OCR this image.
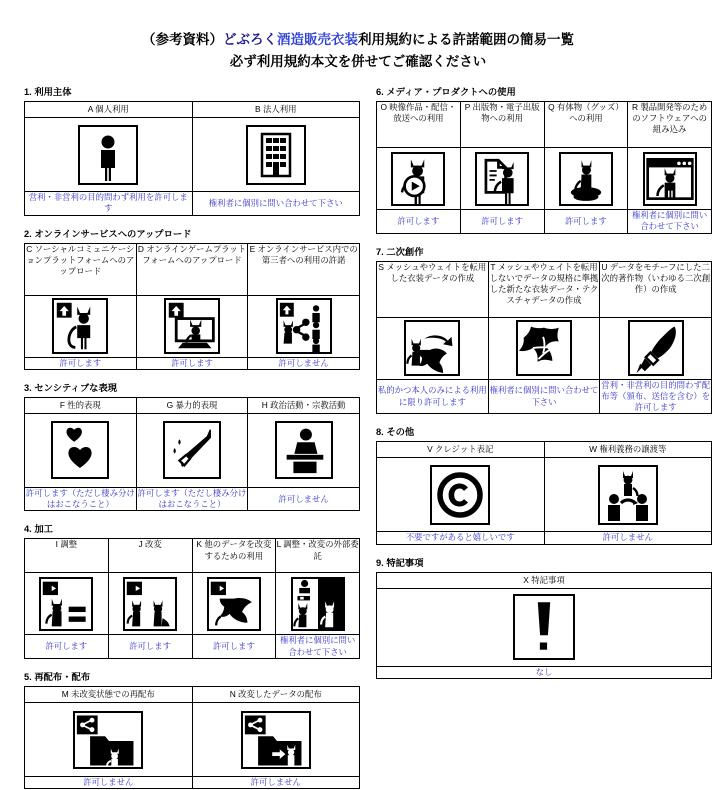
（参考資料）どぶろく酒造販売衣装利用規約による許諾範囲の簡易一覧
必ず利用規約本文を併せてご確認ください
1. 利用主体
A 個人利用	B 法人利用

営利・非営利の目的問わず利用を許可します	権利者に個別に問い合わせて下さい
2. オンラインサービスへのアップロード
C ソーシャルコミュニケーションプラットフォームへのアップロード	D オンラインゲームプラットフォームへのアップロード	E オンラインサービス内での第三者への利用の許諾

許可します	許可します	許可しません
3. センシティブな表現
F 性的表現	G 暴力的表現	H 政治活動・宗教活動

許可します（ただし棲み分けはおこなうこと）	許可します（ただし棲み分けはおこなうこと）	許可しません
4. 加工
I 調整	J 改変	K 他のデータを改変するための利用	L 調整・改変の外部委託

許可します	許可します	許可します	権利者に個別に問い合わせて下さい
5. 再配布・配布
M 未改変状態での再配布	N 改変したデータの配布

許可しません	許可しません
6. メディア・プロダクトへの使用
O 映像作品・配信・放送への利用	P 出版物・電子出版物への利用	Q 有体物（グッズ）への利用	R 製品開発等のためのソフトウェアへの組み込み

許可します	許可します	許可します	権利者に個別に問い合わせて下さい
7. 二次創作
S メッシュやウェイトを転用した衣装データの作成	T メッシュやウェイトを転用しないでデータの規格に準拠した新たな衣装データ・テクスチャデータの作成	U データをモチーフにした二次的著作物（いわゆる二次創作）の作成

私的かつ本人のみによる利用に限り許可します	権利者に個別に問い合わせて下さい	営利・非営利の目的問わず配布等（頒布、送信を含む）を許可します
8. その他
V クレジット表記	W 権利義務の譲渡等

不要ですがあると嬉しいです	許可しません
9. 特記事項
X 特記事項

なし
